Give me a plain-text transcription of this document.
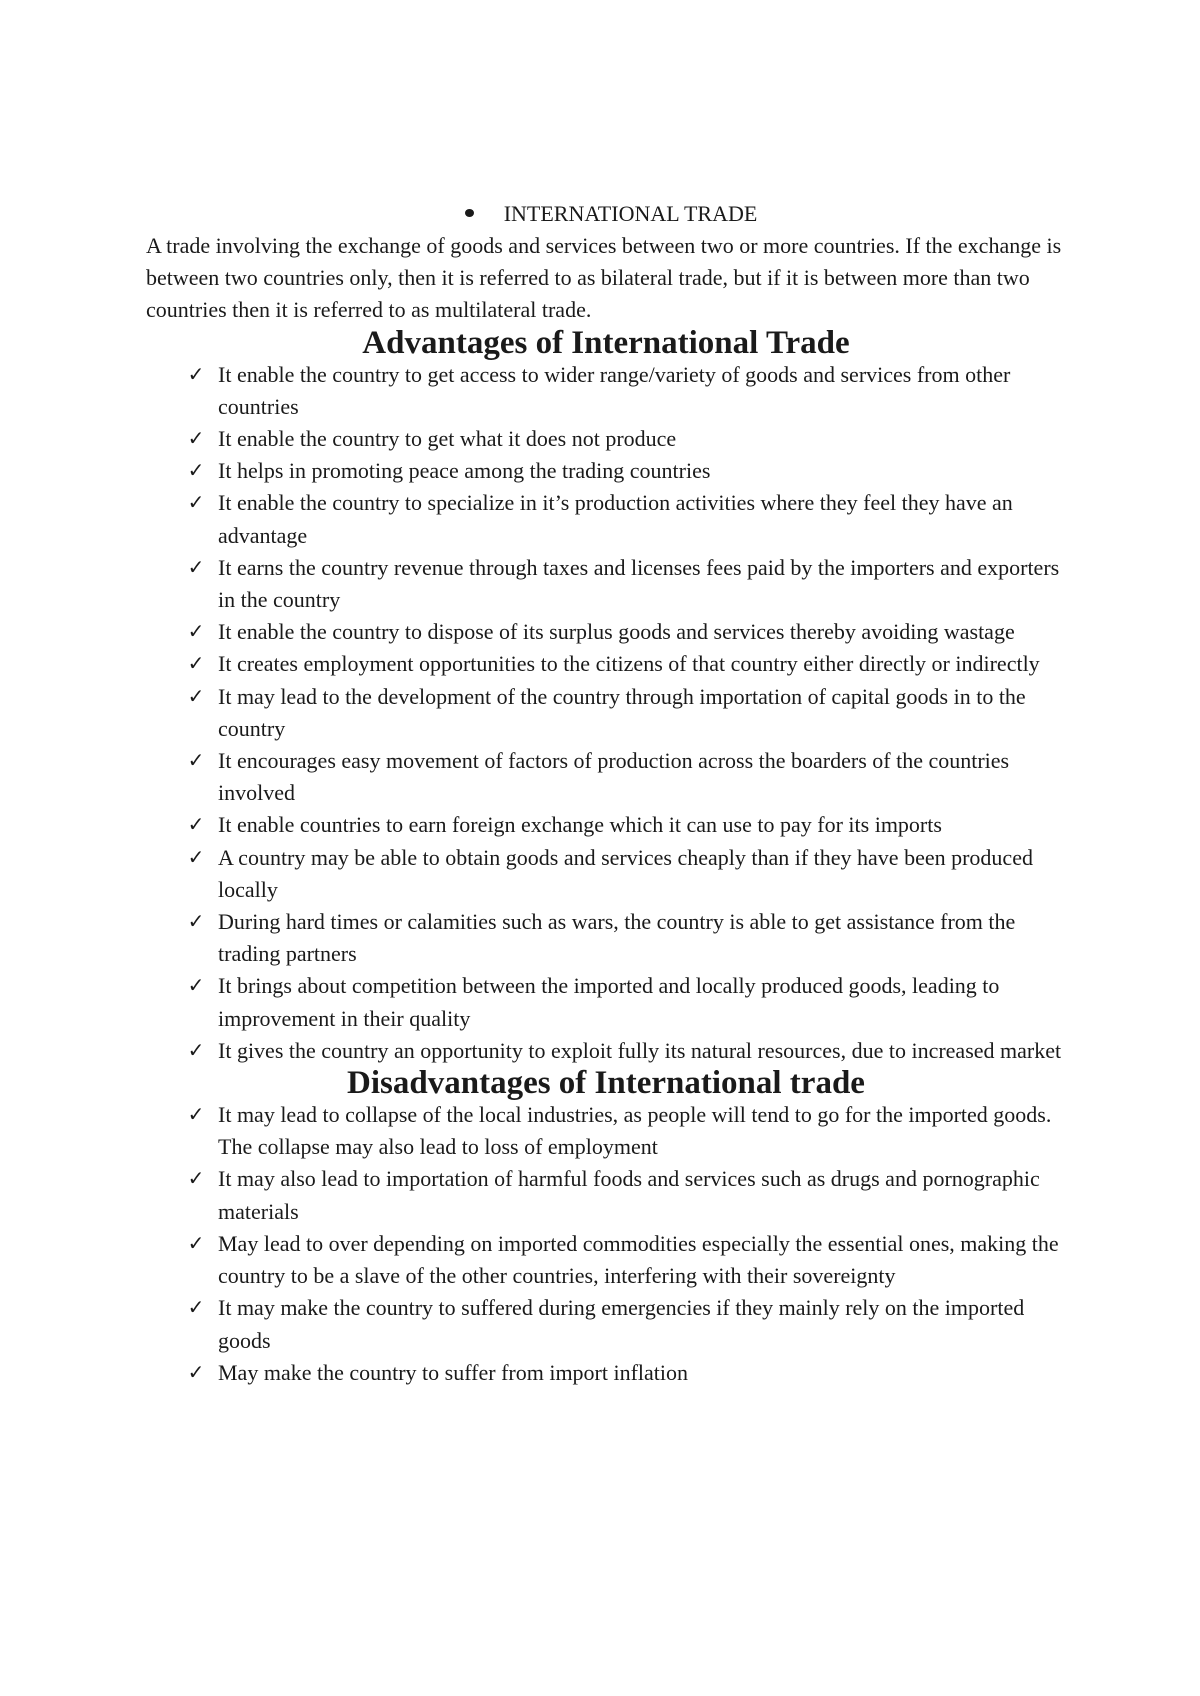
INTERNATIONAL TRADE

A trade involving the exchange of goods and services between two or more countries. If the exchange is between two countries only, then it is referred to as bilateral trade, but if it is between more than two countries then it is referred to as multilateral trade.

Advantages of International Trade
✓ It enable the country to get access to wider range/variety of goods and services from other countries
✓ It enable the country to get what it does not produce
✓ It helps in promoting peace among the trading countries
✓ It enable the country to specialize in it’s production activities where they feel they have an advantage
✓ It earns the country revenue through taxes and licenses fees paid by the importers and exporters in the country
✓ It enable the country to dispose of its surplus goods and services thereby avoiding wastage
✓ It creates employment opportunities to the citizens of that country either directly or indirectly
✓ It may lead to the development of the country through importation of capital goods in to the country
✓ It encourages easy movement of factors of production across the boarders of the countries involved
✓ It enable countries to earn foreign exchange which it can use to pay for its imports
✓ A country may be able to obtain goods and services cheaply than if they have been produced locally
✓ During hard times or calamities such as wars, the country is able to get assistance from the trading partners
✓ It brings about competition between the imported and locally produced goods, leading to improvement in their quality
✓ It gives the country an opportunity to exploit fully its natural resources, due to increased market
Disadvantages of International trade
✓ It may lead to collapse of the local industries, as people will tend to go for the imported goods. The collapse may also lead to loss of employment
✓ It may also lead to importation of harmful foods and services such as drugs and pornographic materials
✓ May lead to over depending on imported commodities especially the essential ones, making the country to be a slave of the other countries, interfering with their sovereignty
✓ It may make the country to suffered during emergencies if they mainly rely on the imported goods
✓ May make the country to suffer from import inflation
